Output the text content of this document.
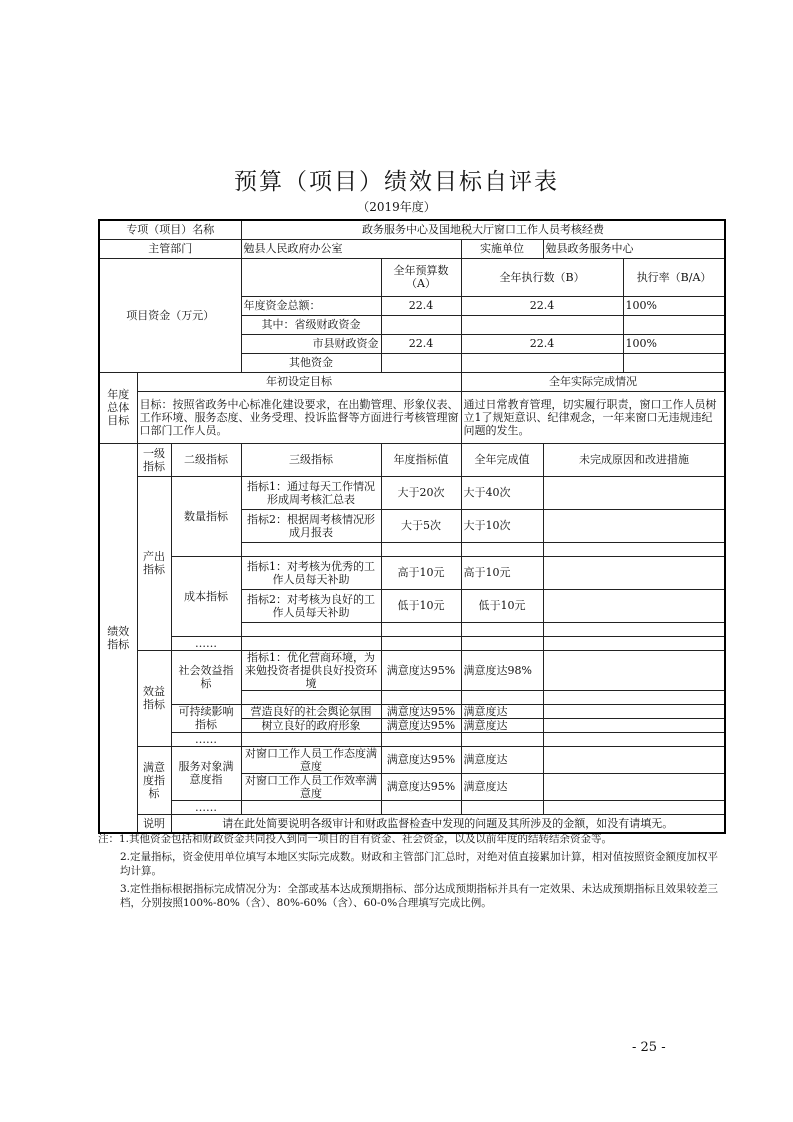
预算（项目）绩效目标自评表
（2019年度）
专项（项目）名称			政务服务中心及国地税大厅窗口工作人员考核经费				
主管部门			勉县人民政府办公室		实施单位	勉县政务服务中心	
项目资金（万元）				全年预算数（A）	全年执行数（B）		执行率（B/A）
			年度资金总额：	22.4	22.4		100%
			其中：省级财政资金				
			市县财政资金	22.4	22.4		100%
			其他资金				
年度总体目标	年初设定目标				全年实际完成情况		
	目标：按照省政务中心标准化建设要求，在出勤管理、形象仪表、工作环境、服务态度、业务受理、投诉监督等方面进行考核管理窗口部门工作人员。				通过日常教育管理，切实履行职责，窗口工作人员树立1了规矩意识、纪律观念，一年来窗口无违规违纪问题的发生。		
绩效指标	一级指标	二级指标	三级指标	年度指标值	全年完成值	未完成原因和改进措施	
	产出指标	数量指标	指标1：通过每天工作情况形成周考核汇总表	大于20次	大于40次		
			指标2：根据周考核情况形成月报表	大于5次	大于10次		

		成本指标	指标1：对考核为优秀的工作人员每天补助	高于10元	高于10元		
			指标2：对考核为良好的工作人员每天补助	低于10元	低于10元		

		……					
	效益指标	社会效益指标	指标1：优化营商环境，为来勉投资者提供良好投资环境	满意度达95%	满意度达98%		

		可持续影响指标	营造良好的社会舆论氛围	满意度达95%	满意度达		
			树立良好的政府形象	满意度达95%	满意度达		
		……					
	满意度指标	服务对象满意度指	对窗口工作人员工作态度满意度	满意度达95%	满意度达		
			对窗口工作人员工作效率满意度	满意度达95%	满意度达		
		……					
	说明	请在此处简要说明各级审计和财政监督检查中发现的问题及其所涉及的金额，如没有请填无。					

注：1.其他资金包括和财政资金共同投入到同一项目的自有资金、社会资金，以及以前年度的结转结余资金等。

2.定量指标，资金使用单位填写本地区实际完成数。财政和主管部门汇总时，对绝对值直接累加计算，相对值按照资金额度加权平均计算。

3.定性指标根据指标完成情况分为：全部或基本达成预期指标、部分达成预期指标并具有一定效果、未达成预期指标且效果较差三档，分别按照100%-80%（含）、80%-60%（含）、60-0%合理填写完成比例。

- 25 -
